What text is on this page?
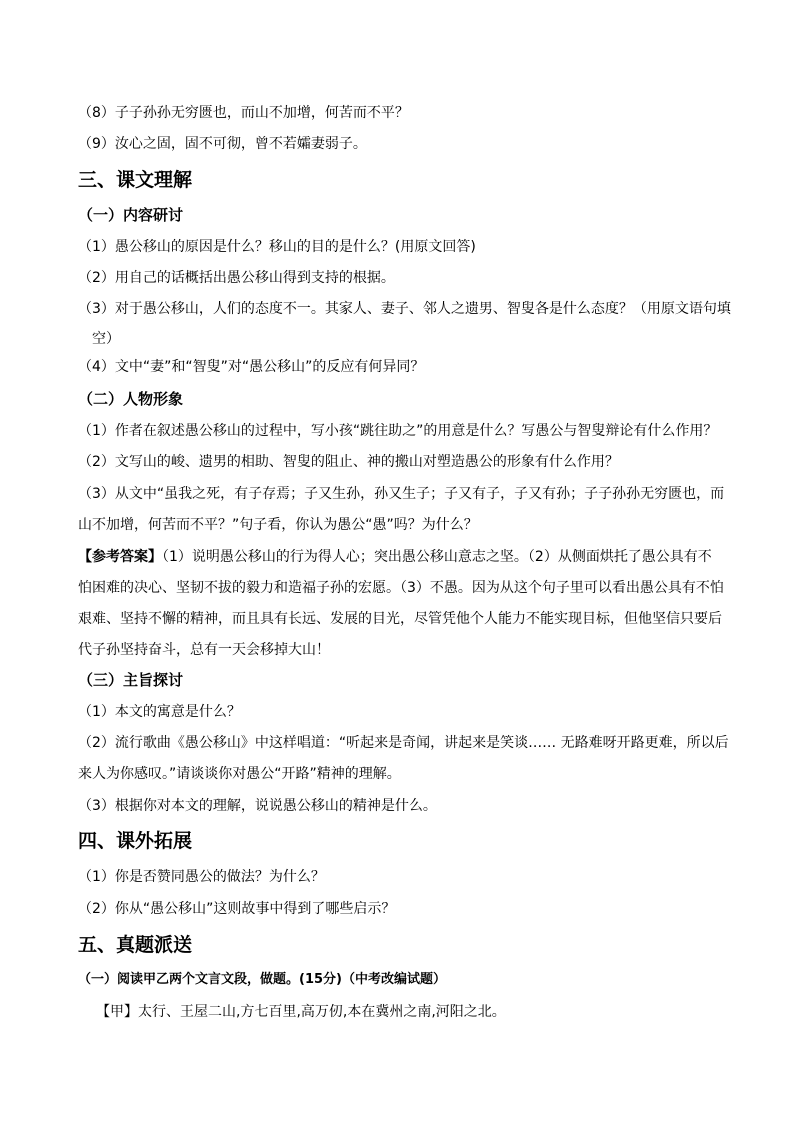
（8）子子孙孙无穷匮也，而山不加增，何苦而不平？
（9）汝心之固，固不可彻，曾不若孀妻弱子。
三、课文理解
（一）内容研讨
（1）愚公移山的原因是什么？移山的目的是什么？(用原文回答)
（2）用自己的话概括出愚公移山得到支持的根据。
（3）对于愚公移山，人们的态度不一。其家人、妻子、邻人之遗男、智叟各是什么态度？（用原文语句填
空）
（4）文中“妻”和“智叟”对“愚公移山”的反应有何异同？
（二）人物形象
（1）作者在叙述愚公移山的过程中，写小孩“跳往助之”的用意是什么？写愚公与智叟辩论有什么作用？
（2）文写山的峻、遗男的相助、智叟的阻止、神的搬山对塑造愚公的形象有什么作用？
（3）从文中“虽我之死，有子存焉；子又生孙，孙又生子；子又有子，子又有孙；子子孙孙无穷匮也，而
山不加增，何苦而不平？”句子看，你认为愚公“愚”吗？为什么？
【参考答案】（1）说明愚公移山的行为得人心；突出愚公移山意志之坚。（2）从侧面烘托了愚公具有不
怕困难的决心、坚韧不拔的毅力和造福子孙的宏愿。（3）不愚。因为从这个句子里可以看出愚公具有不怕
艰难、坚持不懈的精神，而且具有长远、发展的目光，尽管凭他个人能力不能实现目标，但他坚信只要后
代子孙坚持奋斗，总有一天会移掉大山！
（三）主旨探讨
（1）本文的寓意是什么？
（2）流行歌曲《愚公移山》中这样唱道：“听起来是奇闻，讲起来是笑谈…… 无路难呀开路更难，所以后
来人为你感叹。”请谈谈你对愚公“开路”精神的理解。
（3）根据你对本文的理解，说说愚公移山的精神是什么。
四、课外拓展
（1）你是否赞同愚公的做法？为什么？
（2）你从“愚公移山”这则故事中得到了哪些启示？
五、真题派送
（一）阅读甲乙两个文言文段，做题。(15分)（中考改编试题）
【甲】太行、王屋二山,方七百里,高万仞,本在冀州之南,河阳之北。
